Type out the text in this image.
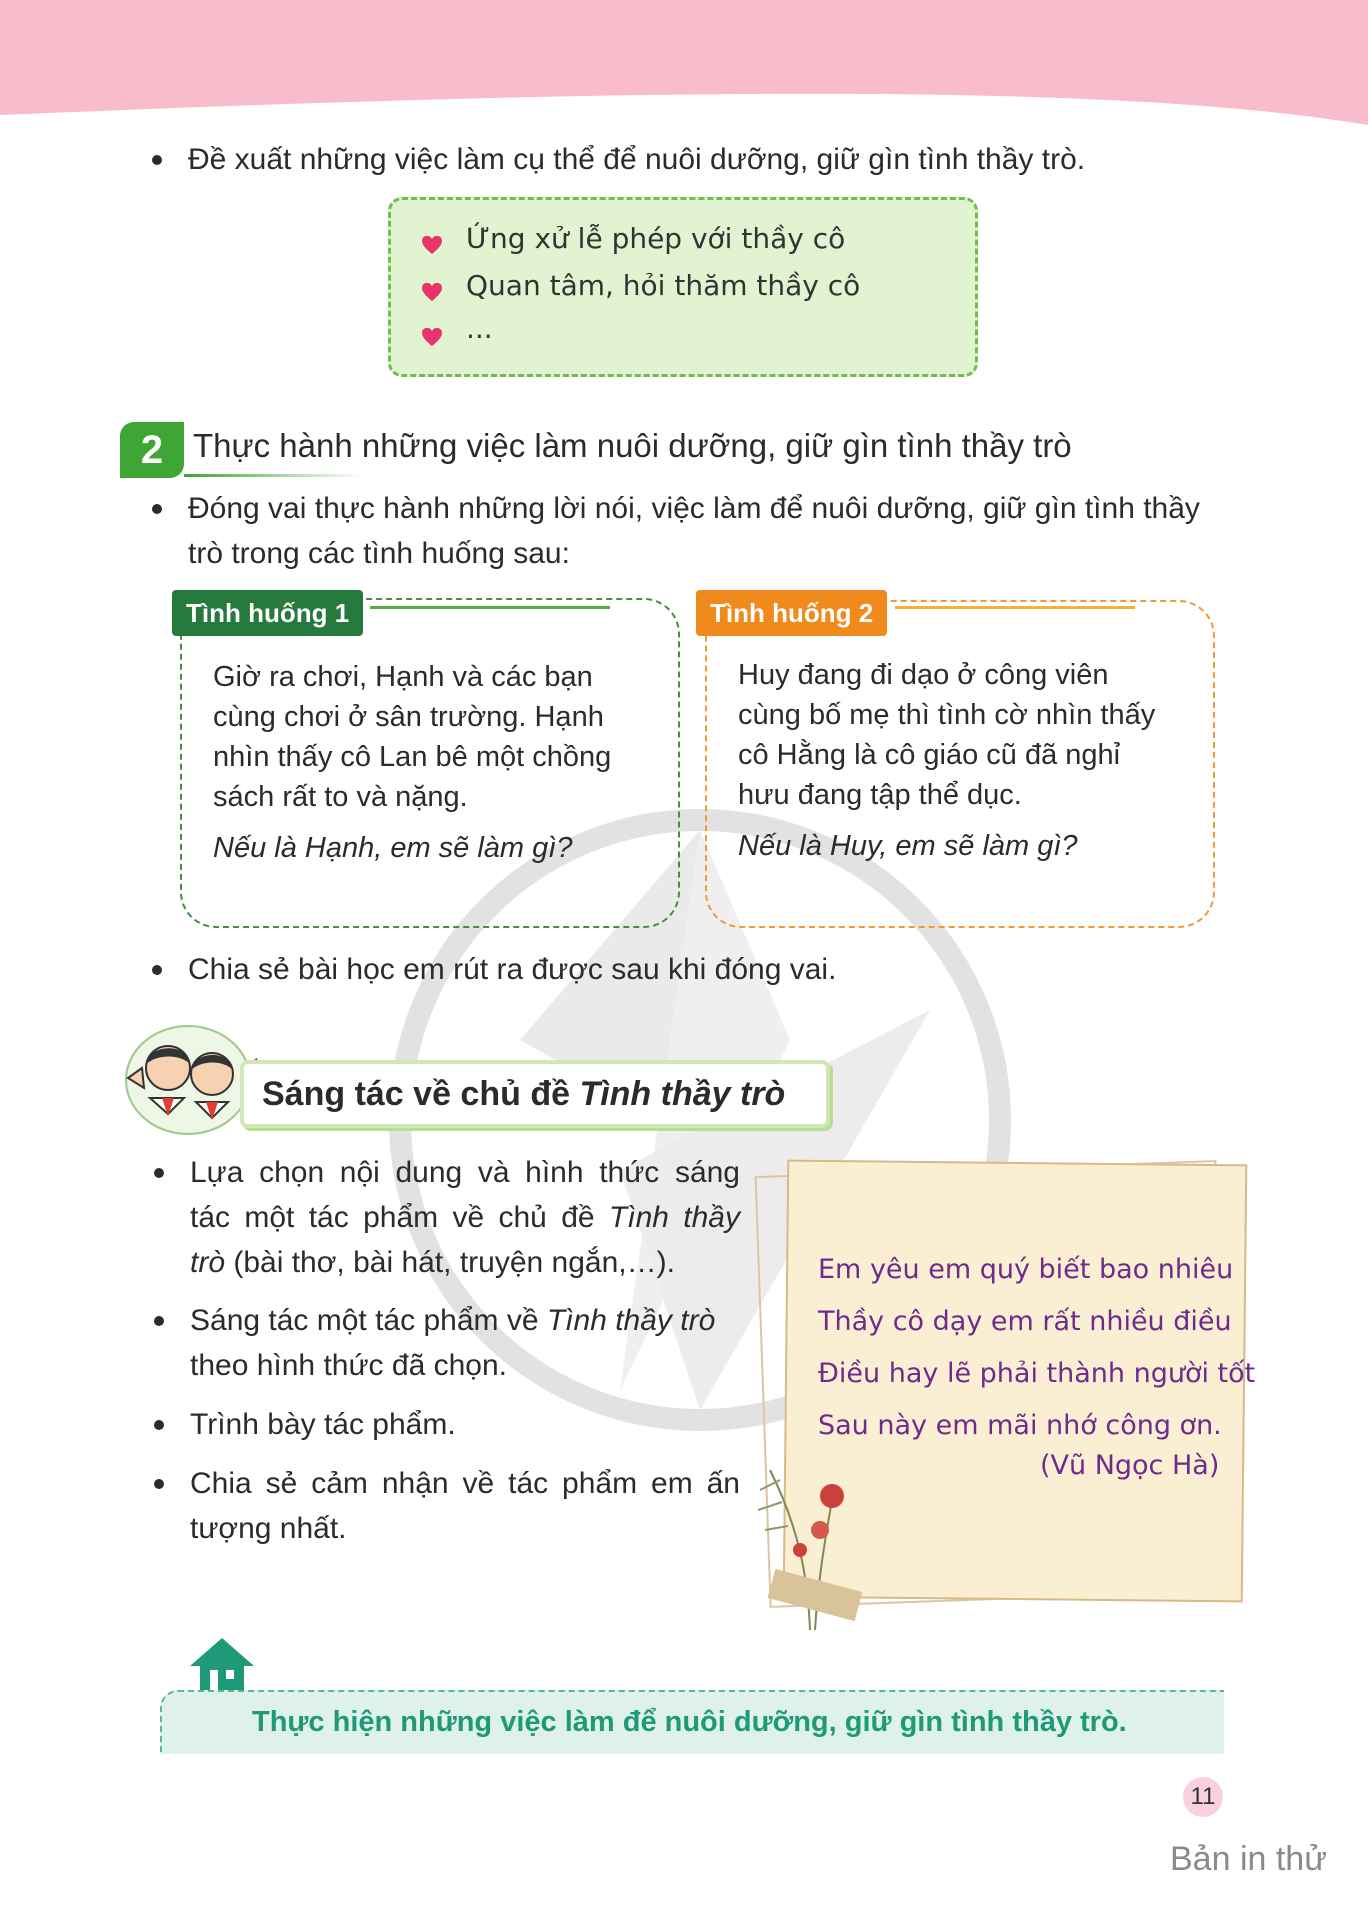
Đề xuất những việc làm cụ thể để nuôi dưỡng, giữ gìn tình thầy trò.
Ứng xử lễ phép với thầy cô
Quan tâm, hỏi thăm thầy cô
...
2 Thực hành những việc làm nuôi dưỡng, giữ gìn tình thầy trò
Đóng vai thực hành những lời nói, việc làm để nuôi dưỡng, giữ gìn tình thầy
trò trong các tình huống sau:
Tình huống 1
Giờ ra chơi, Hạnh và các bạn
cùng chơi ở sân trường. Hạnh
nhìn thấy cô Lan bê một chồng
sách rất to và nặng.
Nếu là Hạnh, em sẽ làm gì?
Tình huống 2
Huy đang đi dạo ở công viên
cùng bố mẹ thì tình cờ nhìn thấy
cô Hằng là cô giáo cũ đã nghỉ
hưu đang tập thể dục.
Nếu là Huy, em sẽ làm gì?
Chia sẻ bài học em rút ra được sau khi đóng vai.
Sáng tác về chủ đề Tình thầy trò
Lựa chọn nội dung và hình thức sáng
tác một tác phẩm về chủ đề Tình thầy
trò (bài thơ, bài hát, truyện ngắn,…).
Sáng tác một tác phẩm về Tình thầy trò
theo hình thức đã chọn.
Trình bày tác phẩm.
Chia sẻ cảm nhận về tác phẩm em ấn
tượng nhất.
Em yêu em quý biết bao nhiêu
Thầy cô dạy em rất nhiều điều
Điều hay lẽ phải thành người tốt
Sau này em mãi nhớ công ơn.
(Vũ Ngọc Hà)
Thực hiện những việc làm để nuôi dưỡng, giữ gìn tình thầy trò.
11
Bản in thử
